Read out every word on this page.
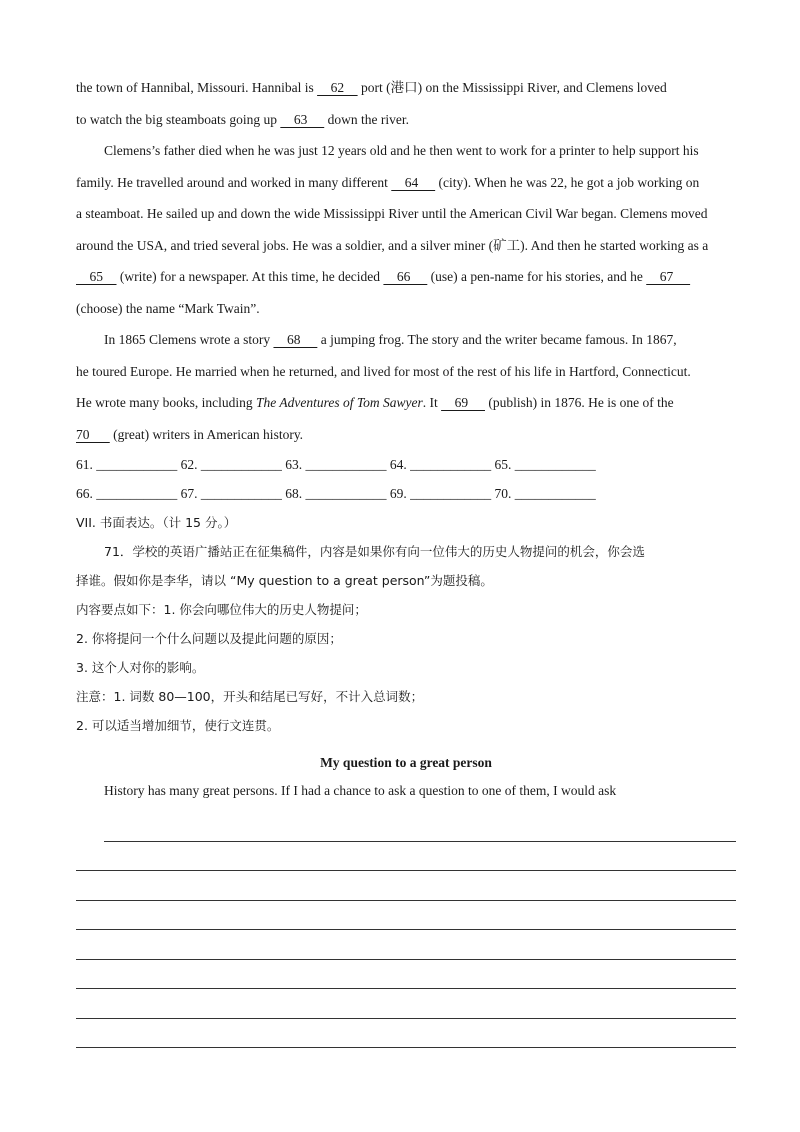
the town of Hannibal, Missouri. Hannibal is     62     port (港口) on the Mississippi River, and Clemens loved

to watch the big steamboats going up     63      down the river.

Clemens’s father died when he was just 12 years old and he then went to work for a printer to help support his

family. He travelled around and worked in many different     64      (city). When he was 22, he got a job working on

a steamboat. He sailed up and down the wide Mississippi River until the American Civil War began. Clemens moved

around the USA, and tried several jobs. He was a soldier, and a silver miner (矿工). And then he started working as a

65     (write) for a newspaper. At this time, he decided     66      (use) a pen-name for his stories, and he     67

(choose) the name “Mark Twain”.

In 1865 Clemens wrote a story     68      a jumping frog. The story and the writer became famous. In 1867,

he toured Europe. He married when he returned, and lived for most of the rest of his life in Hartford, Connecticut.

He wrote many books, including The Adventures of Tom Sawyer. It     69      (publish) in 1876. He is one of the

70       (great) writers in American history.

61. ____________ 62. ____________ 63. ____________ 64. ____________ 65. ____________
66. ____________ 67. ____________ 68. ____________ 69. ____________ 70. ____________

VII. 书面表达。（计 15 分。）

71．学校的英语广播站正在征集稿件，内容是如果你有向一位伟大的历史人物提问的机会，你会选

择谁。假如你是李华，请以 “My question to a great person”为题投稿。

内容要点如下：1. 你会向哪位伟大的历史人物提问；

2. 你将提问一个什么问题以及提此问题的原因；

3. 这个人对你的影响。

注意：1. 词数 80—100，开头和结尾已写好，不计入总词数；

2. 可以适当增加细节，使行文连贯。

My question to a great person

History has many great persons. If I had a chance to ask a question to one of them, I would ask
